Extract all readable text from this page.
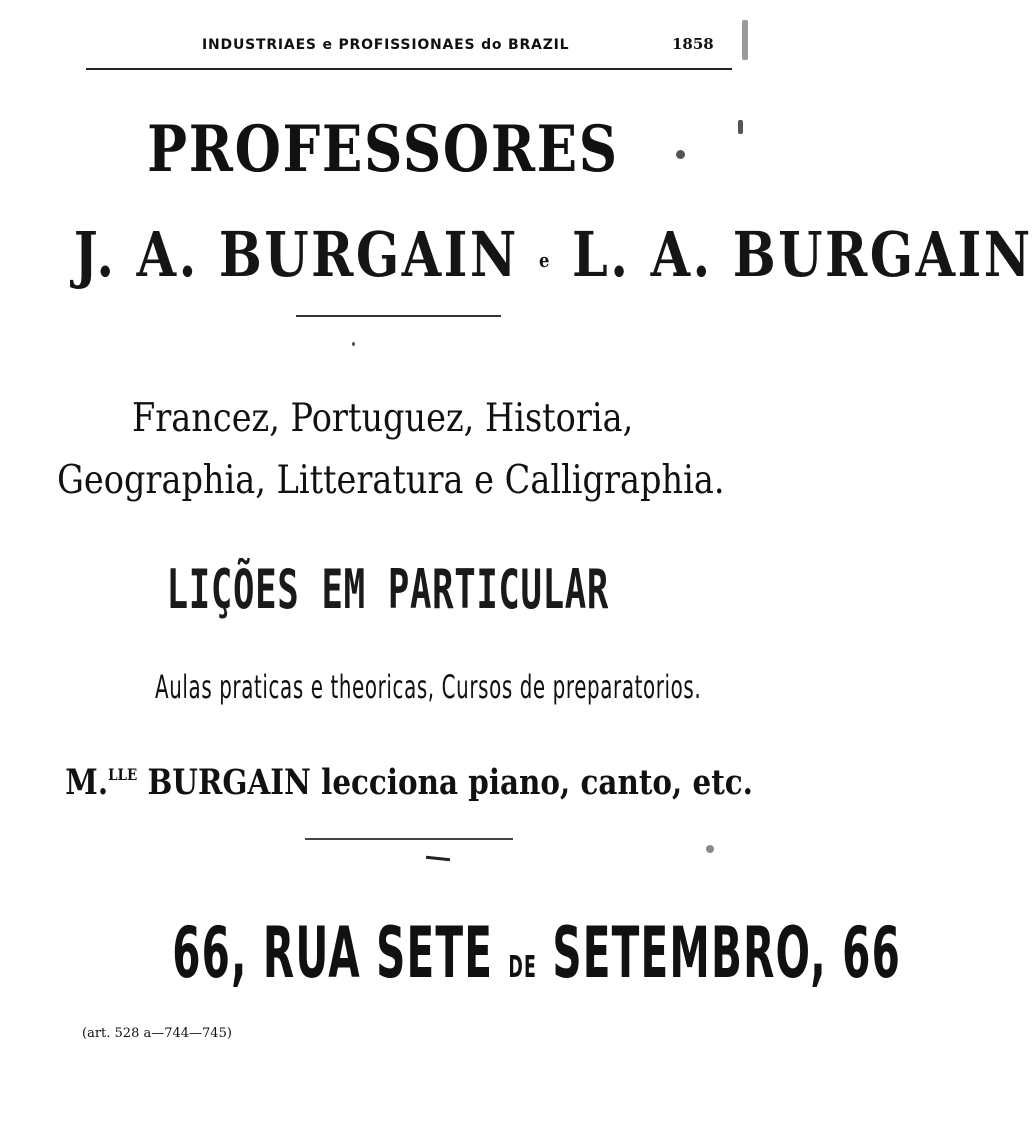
INDUSTRIAES e PROFISSIONAES do BRAZIL	1858
PROFESSORES
J. A. BURGAIN e L. A. BURGAIN
Francez, Portuguez, Historia,
Geographia, Litteratura e Calligraphia.
LIÇÕES EM PARTICULAR
Aulas praticas e theoricas, Cursos de preparatorios.
M.$^{LLE}$ BURGAIN lecciona piano, canto, etc.
66, RUA SETE DE SETEMBRO, 66
(art. 528 a—744—745)
